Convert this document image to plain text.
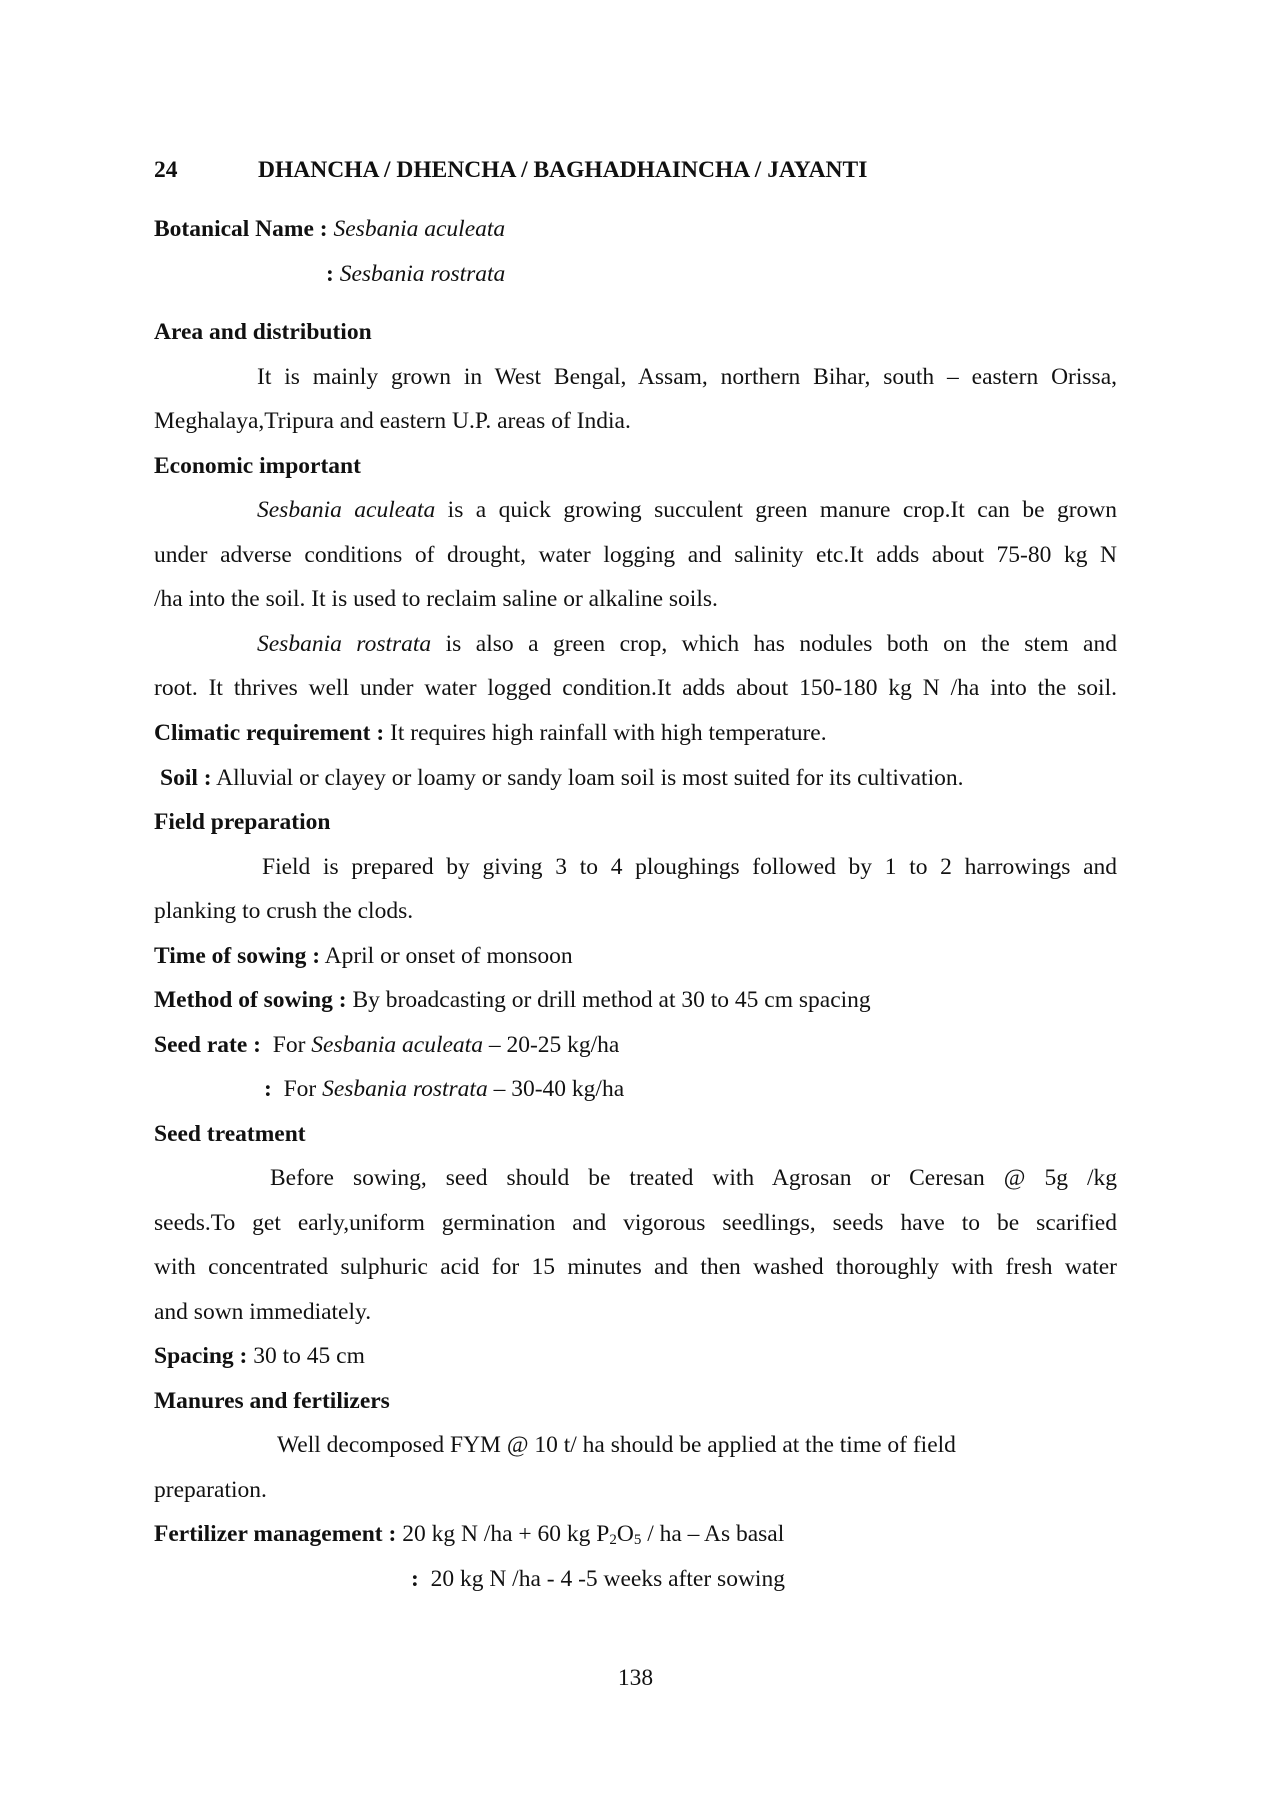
24	DHANCHA / DHENCHA / BAGHADHAINCHA / JAYANTI
Botanical Name : Sesbania aculeata
: Sesbania rostrata
Area and distribution
It is mainly grown in West Bengal, Assam, northern Bihar, south – eastern Orissa,
Meghalaya,Tripura and eastern U.P. areas of India.
Economic important
Sesbania aculeata is a quick growing succulent green manure crop.It can be grown
under adverse conditions of drought, water logging and salinity etc.It adds about 75-80 kg N
/ha into the soil. It is used to reclaim saline or alkaline soils.
Sesbania rostrata is also a green crop, which has nodules both on the stem and
root. It thrives well under water logged condition.It adds about 150-180 kg N /ha into the soil.
Climatic requirement : It requires high rainfall with high temperature.
Soil : Alluvial or clayey or loamy or sandy loam soil is most suited for its cultivation.
Field preparation
Field is prepared by giving 3 to 4 ploughings followed by 1 to 2 harrowings and
planking to crush the clods.
Time of sowing : April or onset of monsoon
Method of sowing : By broadcasting or drill method at 30 to 45 cm spacing
Seed rate : For Sesbania aculeata – 20-25 kg/ha
: For Sesbania rostrata – 30-40 kg/ha
Seed treatment
Before sowing, seed should be treated with Agrosan or Ceresan @ 5g /kg
seeds.To get early,uniform germination and vigorous seedlings, seeds have to be scarified
with concentrated sulphuric acid for 15 minutes and then washed thoroughly with fresh water
and sown immediately.
Spacing : 30 to 45 cm
Manures and fertilizers
Well decomposed FYM @ 10 t/ ha should be applied at the time of field
preparation.
Fertilizer management : 20 kg N /ha + 60 kg $P_2O_5$ / ha – As basal
: 20 kg N /ha - 4 -5 weeks after sowing
138
